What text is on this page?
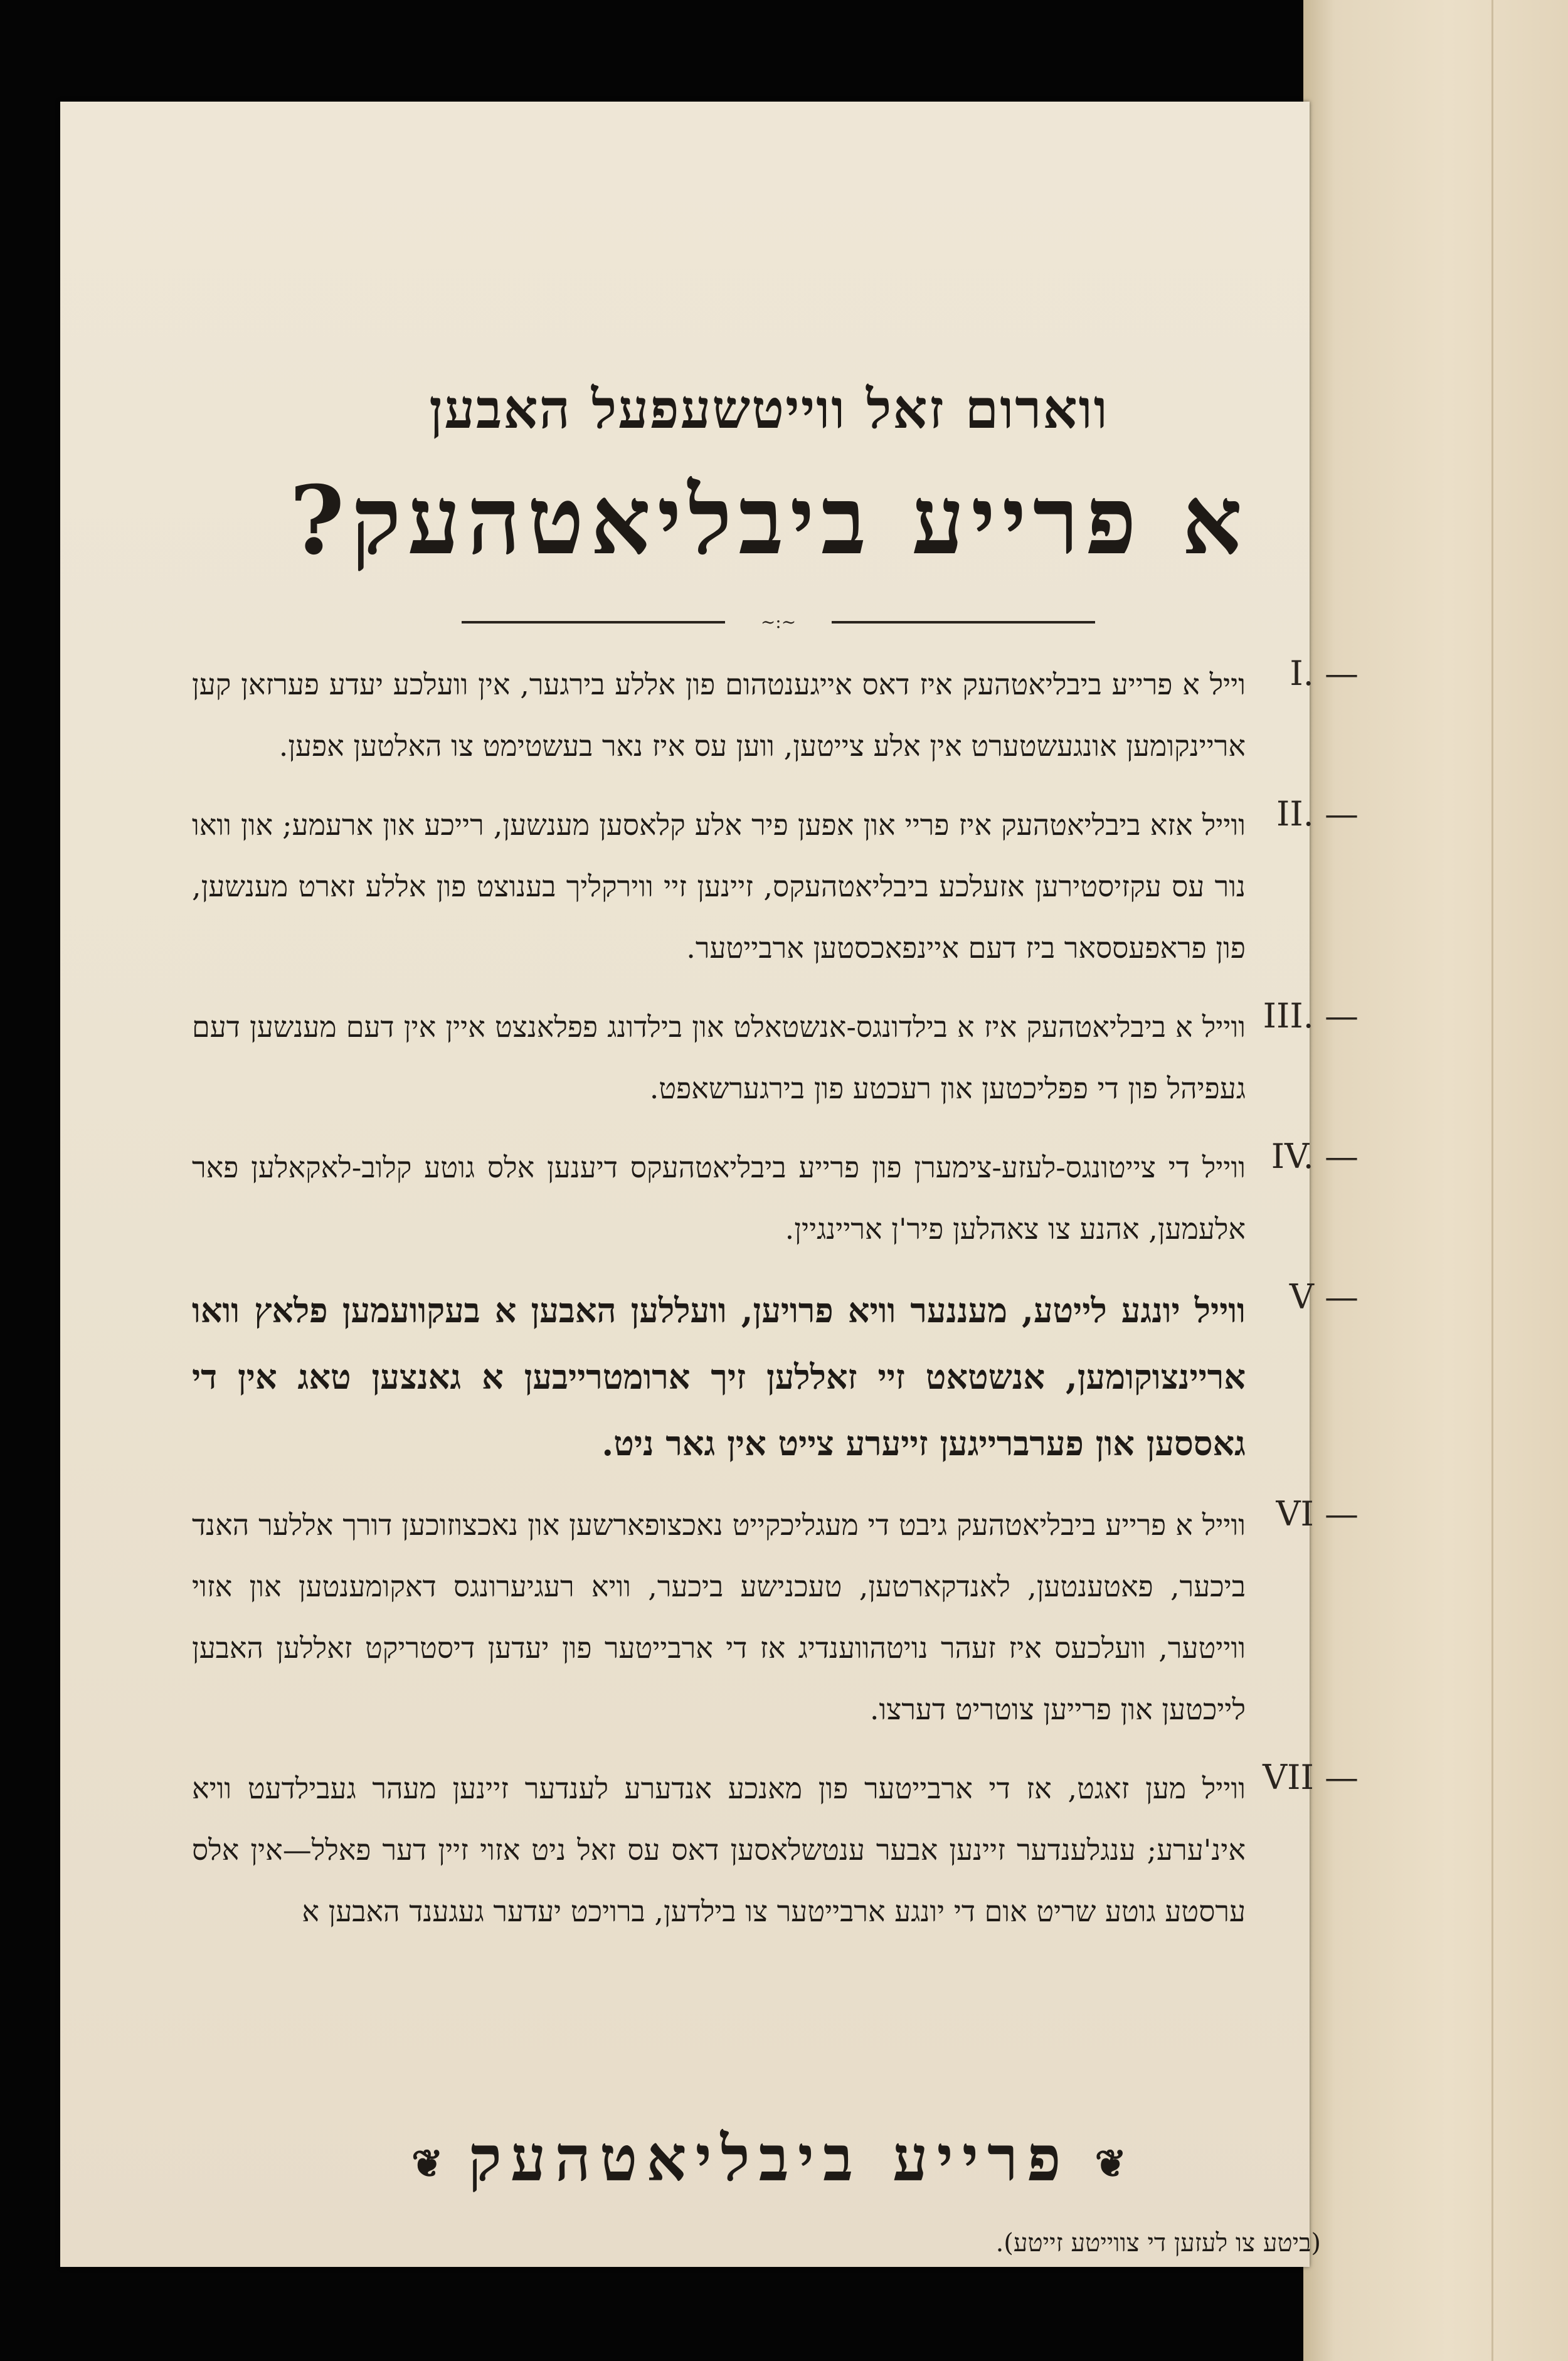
ווארום זאל ווייטשעפעל האבען
א פרייע ביבליאטהעק?
~:~
I. —
וייל א פרייע ביבליאטהעק איז דאס אייגענטהום פון אללע בירגער, אין וועלכע יעדע פערזאן קען אריינקומען אונגעשטערט אין אלע צייטען, ווען עס איז נאר בעשטימט צו האלטען אפען.
II. —
ווייל אזא ביבליאטהעק איז פריי און אפען פיר אלע קלאסען מענשען, רייכע און ארעמע; און וואו נור עס עקזיסטירען אזעלכע ביבליאטהעקס, זיינען זיי ווירקליך בענוצט פון אללע זארט מענשען, פון פראפעססאר ביז דעם איינפאכסטען ארבייטער.
III. —
ווייל א ביבליאטהעק איז א בילדונגס-אנשטאלט און בילדונג פפלאנצט איין אין דעם מענשען דעם געפיהל פון די פפליכטען און רעכטע פון בירגערשאפט.
IV. —
ווייל די צייטונגס-לעזע-צימערן פון פרייע ביבליאטהעקס דיענען אלס גוטע קלוב-לאקאלען פאר אלעמען, אהנע צו צאהלען פיר'ן אריינגיין.
V —
ווייל יונגע לייטע, מעננער וויא פרויען, וועללען האבען א בעקוועמען פלאץ וואו אריינצוקומען, אנשטאט זיי זאללען זיך ארומטרייבען א גאנצען טאג אין די גאססען און פערברייגען זייערע צייט אין גאר ניט.
VI —
ווייל א פרייע ביבליאטהעק גיבט די מעגליכקייט נאכצופארשען און נאכצוזוכען דורך אללער האנד ביכער, פאטענטען, לאנדקארטען, טעכנישע ביכער, וויא רעגיערונגס דאקומענטען און אזוי ווייטער, וועלכעס איז זעהר נויטהווענדיג אז די ארבייטער פון יעדען דיסטריקט זאללען האבען לייכטען און פרייען צוטריט דערצו.
VII —
ווייל מען זאגט, אז די ארבייטער פון מאנכע אנדערע לענדער זיינען מעהר געבילדעט וויא אינ'ערע; ענגלענדער זיינען אבער ענטשלאסען דאס עס זאל ניט אזוי זיין דער פאלל—אין אלס ערסטע גוטע שריט אום די יונגע ארבייטער צו בילדען, ברויכט יעדער געגענד האבען א
❦פרייע ביבליאטהעק❦
(ביטע צו לעזען די צווייטע זייטע).
